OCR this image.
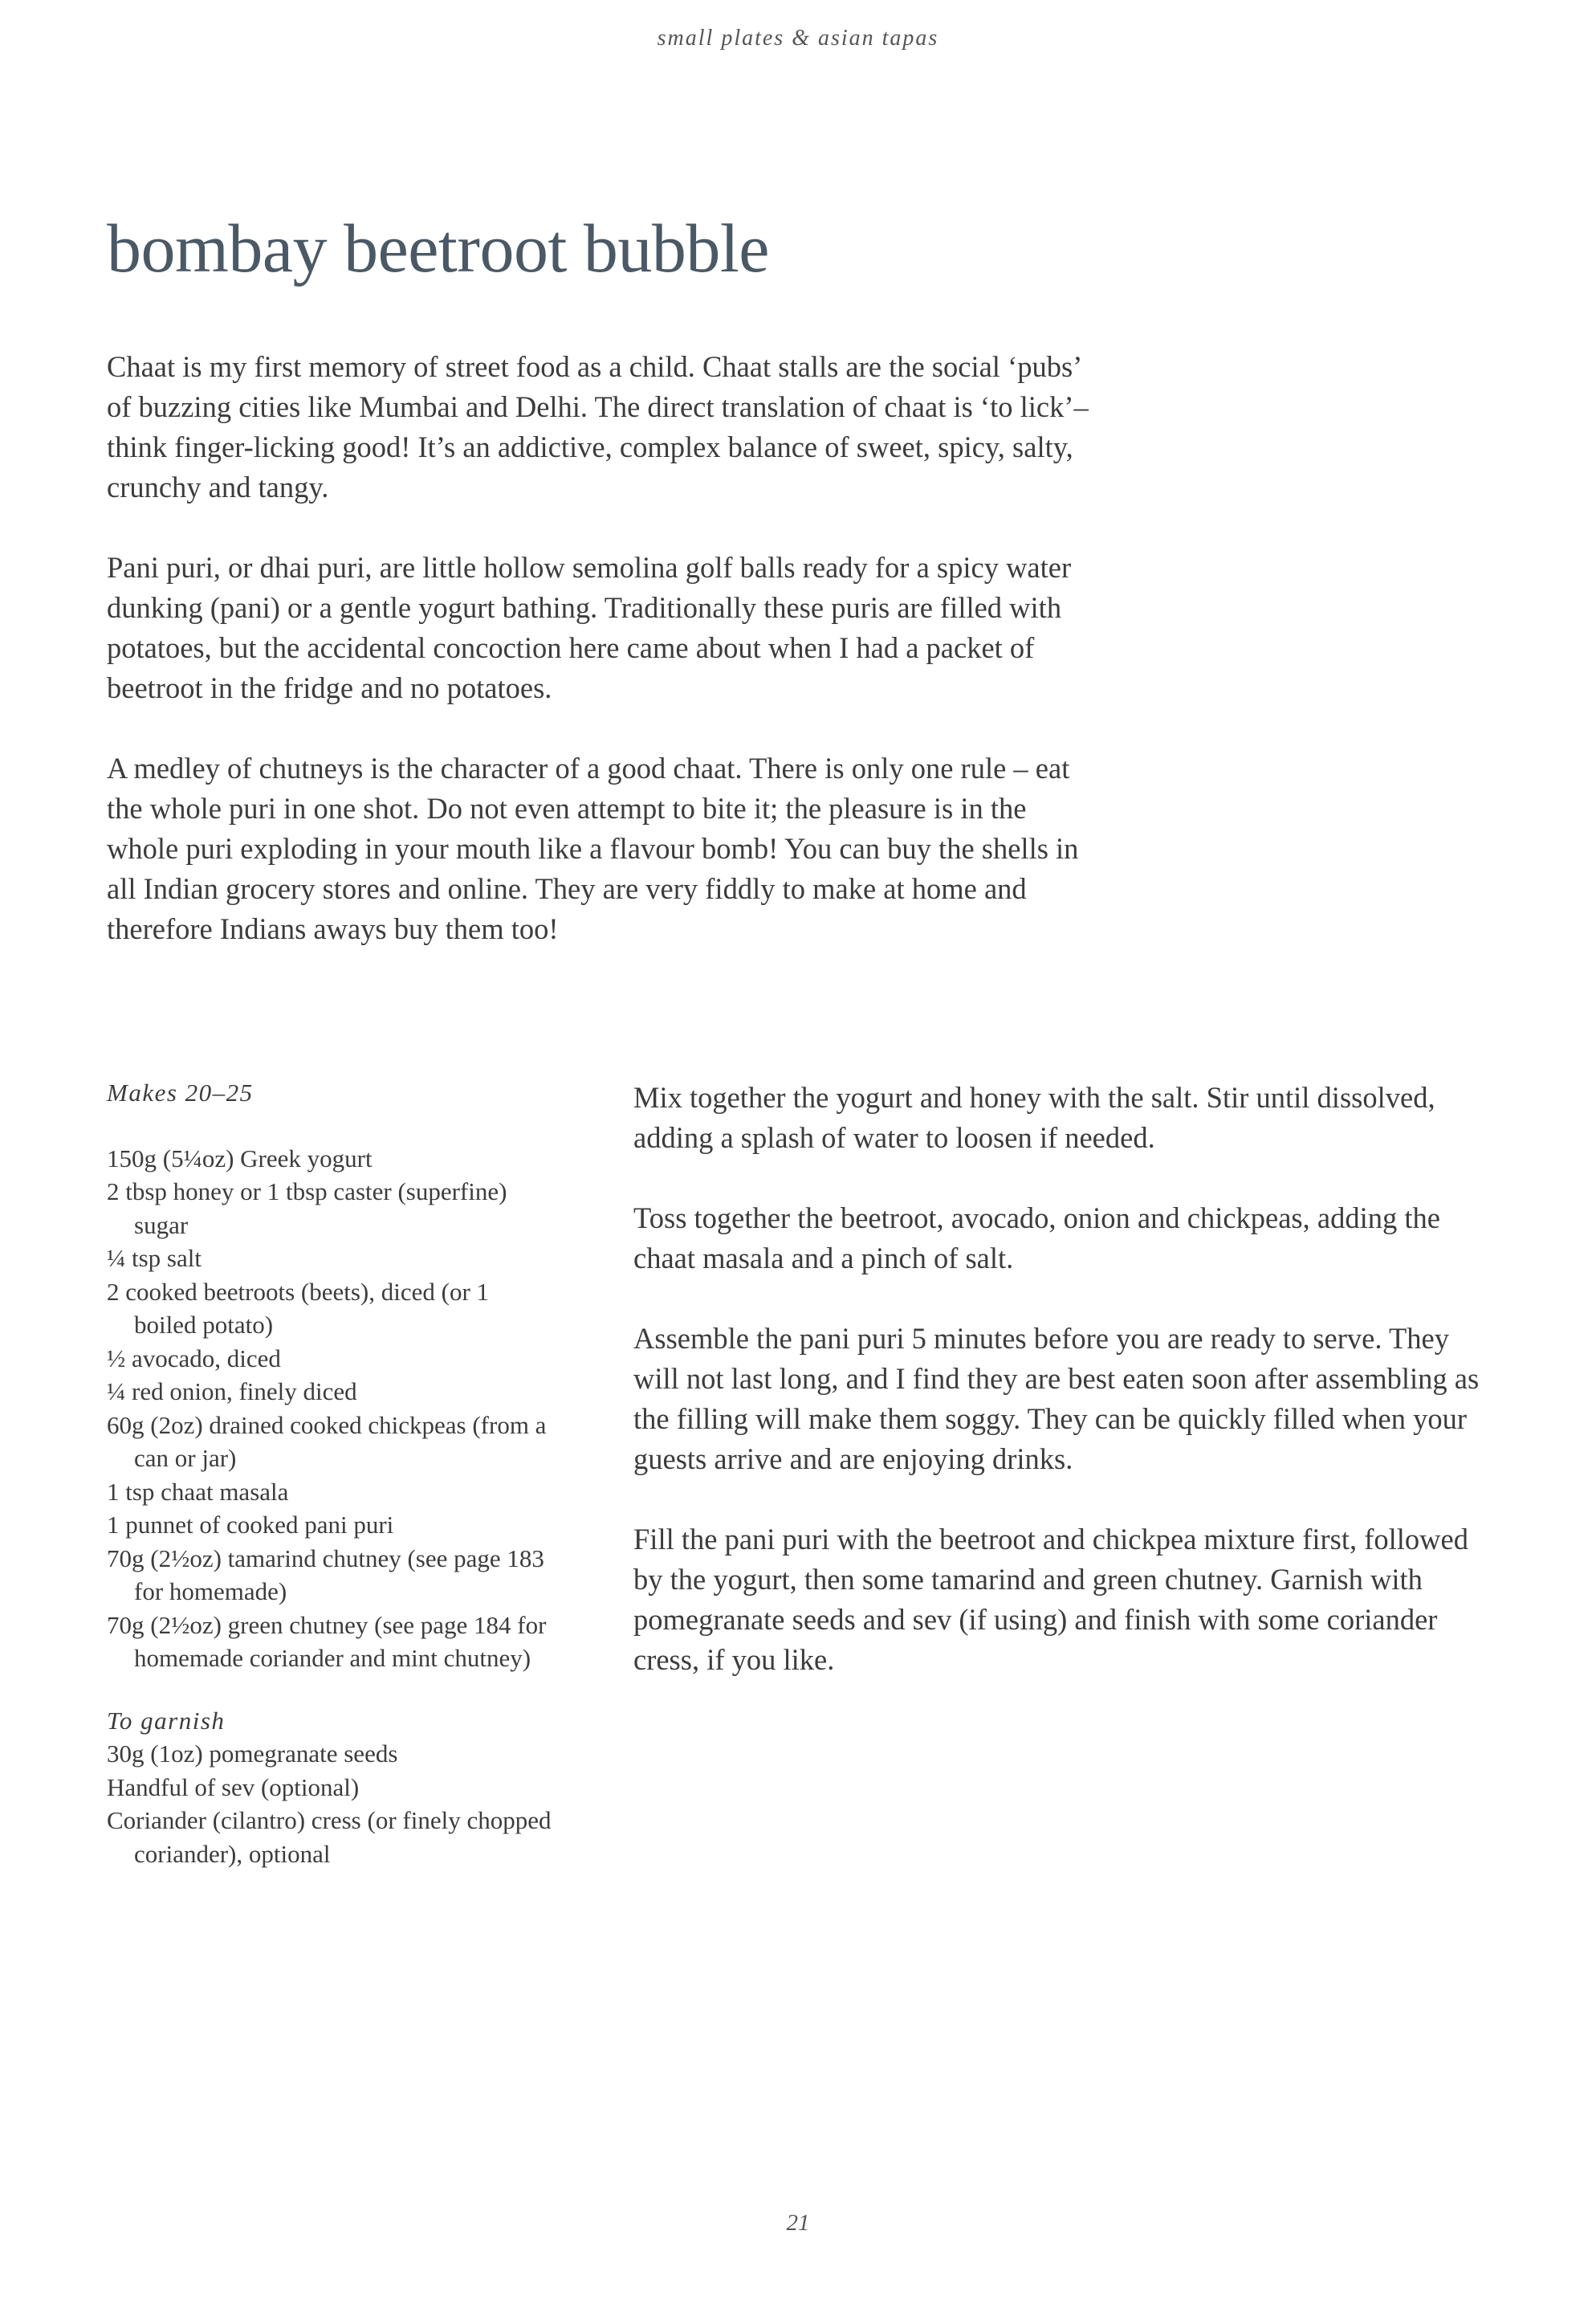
small plates & asian tapas
bombay beetroot bubble

Chaat is my first memory of street food as a child. Chaat stalls are the social ‘pubs’ of buzzing cities like Mumbai and Delhi. The direct translation of chaat is ‘to lick’– think finger-licking good! It’s an addictive, complex balance of sweet, spicy, salty, crunchy and tangy.

Pani puri, or dhai puri, are little hollow semolina golf balls ready for a spicy water dunking (pani) or a gentle yogurt bathing. Traditionally these puris are filled with potatoes, but the accidental concoction here came about when I had a packet of beetroot in the fridge and no potatoes.

A medley of chutneys is the character of a good chaat. There is only one rule – eat the whole puri in one shot. Do not even attempt to bite it; the pleasure is in the whole puri exploding in your mouth like a flavour bomb! You can buy the shells in all Indian grocery stores and online. They are very fiddly to make at home and therefore Indians aways buy them too!

Makes 20–25
150g (5¼oz) Greek yogurt
2 tbsp honey or 1 tbsp caster (superfine) sugar
¼ tsp salt
2 cooked beetroots (beets), diced (or 1 boiled potato)
½ avocado, diced
¼ red onion, finely diced
60g (2oz) drained cooked chickpeas (from a can or jar)
1 tsp chaat masala
1 punnet of cooked pani puri
70g (2½oz) tamarind chutney (see page 183 for homemade)
70g (2½oz) green chutney (see page 184 for homemade coriander and mint chutney)
To garnish
30g (1oz) pomegranate seeds
Handful of sev (optional)
Coriander (cilantro) cress (or finely chopped coriander), optional

Mix together the yogurt and honey with the salt. Stir until dissolved, adding a splash of water to loosen if needed.

Toss together the beetroot, avocado, onion and chickpeas, adding the chaat masala and a pinch of salt.

Assemble the pani puri 5 minutes before you are ready to serve. They will not last long, and I find they are best eaten soon after assembling as the filling will make them soggy. They can be quickly filled when your guests arrive and are enjoying drinks.

Fill the pani puri with the beetroot and chickpea mixture first, followed by the yogurt, then some tamarind and green chutney. Garnish with pomegranate seeds and sev (if using) and finish with some coriander cress, if you like.

21
